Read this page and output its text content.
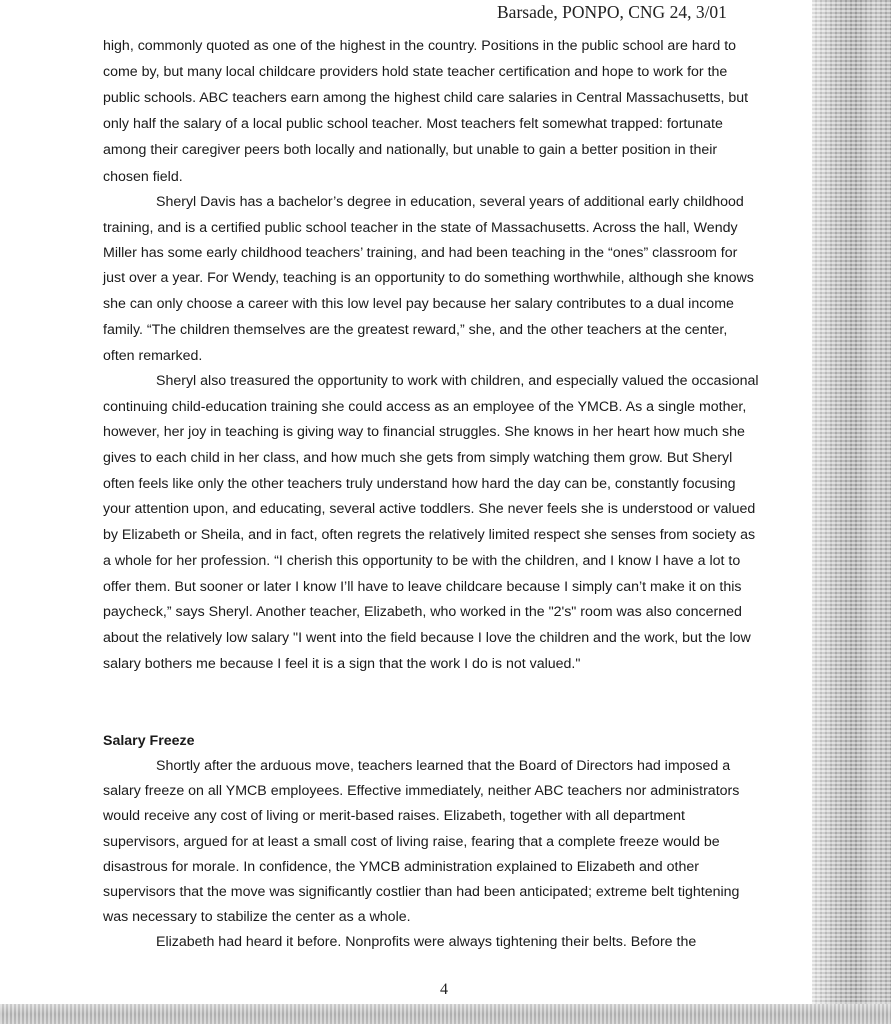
Barsade, PONPO, CNG 24, 3/01
high, commonly quoted as one of the highest in the country. Positions in the public school are hard to
come by, but many local childcare providers hold state teacher certification and hope to work for the
public schools. ABC teachers earn among the highest child care salaries in Central Massachusetts, but
only half the salary of a local public school teacher. Most teachers felt somewhat trapped: fortunate
among their caregiver peers both locally and nationally, but unable to gain a better position in their
chosen field.
Sheryl Davis has a bachelor’s degree in education, several years of additional early childhood
training, and is a certified public school teacher in the state of Massachusetts. Across the hall, Wendy
Miller has some early childhood teachers’ training, and had been teaching in the “ones” classroom for
just over a year. For Wendy, teaching is an opportunity to do something worthwhile, although she knows
she can only choose a career with this low level pay because her salary contributes to a dual income
family. “The children themselves are the greatest reward,” she, and the other teachers at the center,
often remarked.
Sheryl also treasured the opportunity to work with children, and especially valued the occasional
continuing child-education training she could access as an employee of the YMCB. As a single mother,
however, her joy in teaching is giving way to financial struggles. She knows in her heart how much she
gives to each child in her class, and how much she gets from simply watching them grow. But Sheryl
often feels like only the other teachers truly understand how hard the day can be, constantly focusing
your attention upon, and educating, several active toddlers. She never feels she is understood or valued
by Elizabeth or Sheila, and in fact, often regrets the relatively limited respect she senses from society as
a whole for her profession. “I cherish this opportunity to be with the children, and I know I have a lot to
offer them. But sooner or later I know I’ll have to leave childcare because I simply can’t make it on this
paycheck,” says Sheryl. Another teacher, Elizabeth, who worked in the "2's" room was also concerned
about the relatively low salary "I went into the field because I love the children and the work, but the low
salary bothers me because I feel it is a sign that the work I do is not valued."
Salary Freeze
Shortly after the arduous move, teachers learned that the Board of Directors had imposed a
salary freeze on all YMCB employees. Effective immediately, neither ABC teachers nor administrators
would receive any cost of living or merit-based raises. Elizabeth, together with all department
supervisors, argued for at least a small cost of living raise, fearing that a complete freeze would be
disastrous for morale. In confidence, the YMCB administration explained to Elizabeth and other
supervisors that the move was significantly costlier than had been anticipated; extreme belt tightening
was necessary to stabilize the center as a whole.
Elizabeth had heard it before. Nonprofits were always tightening their belts. Before the
4
